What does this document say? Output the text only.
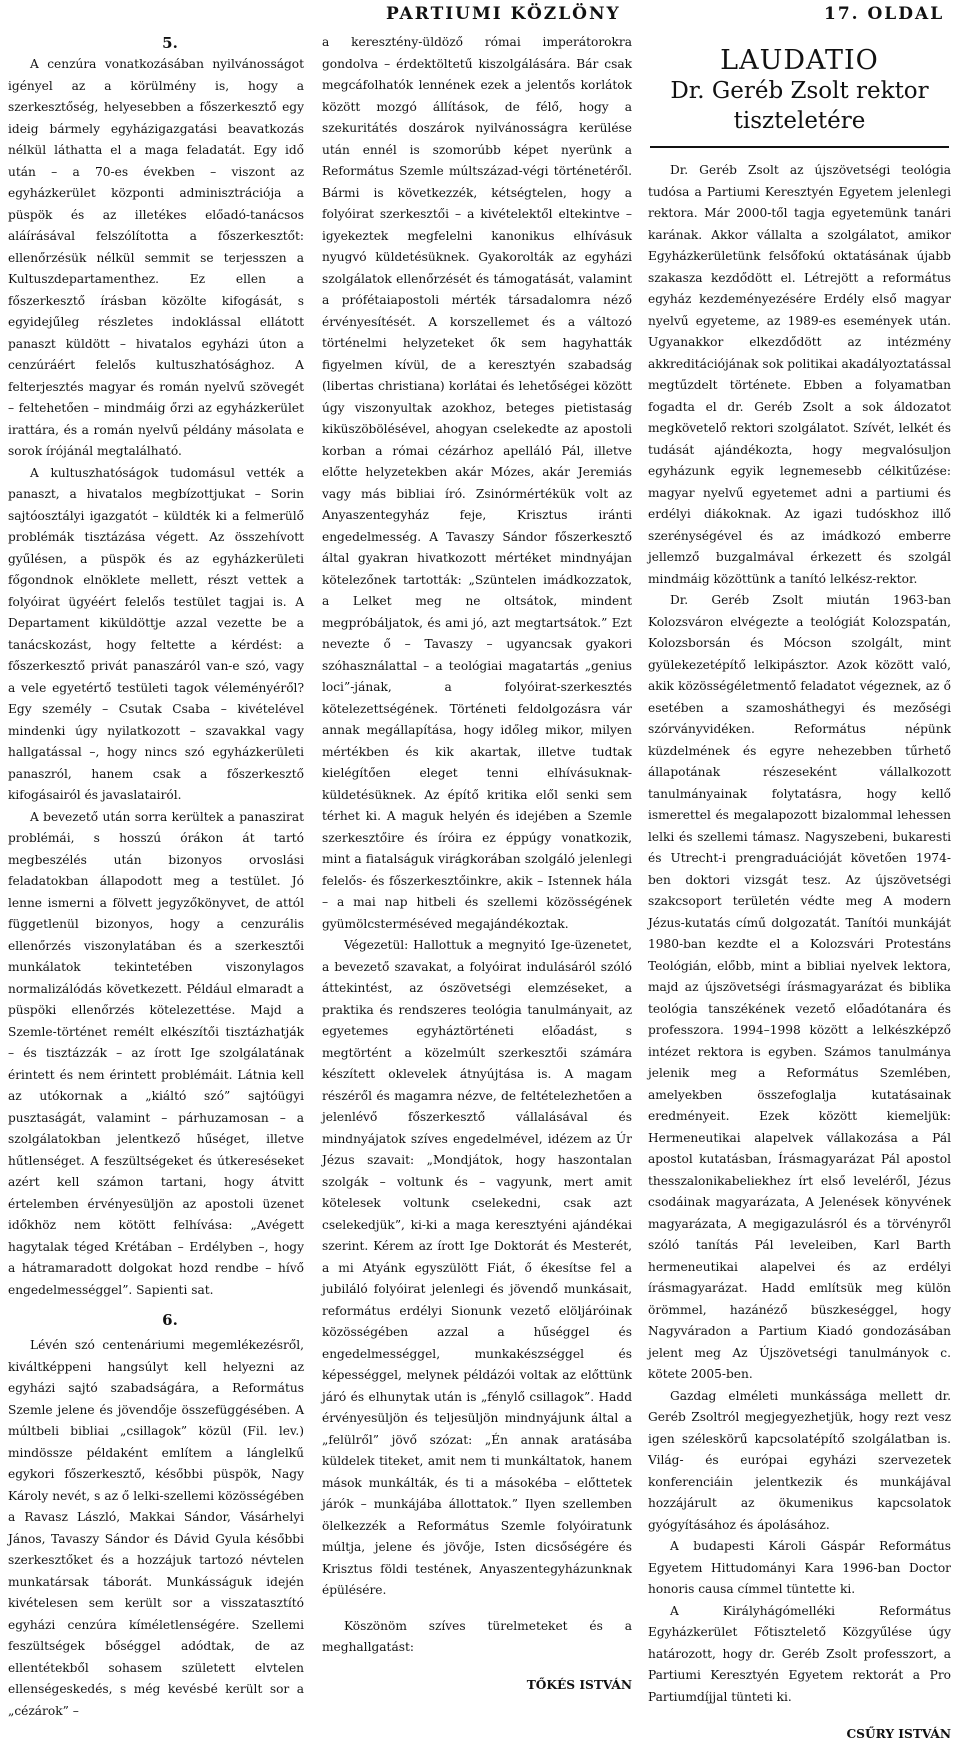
PARTIUMI KÖZLÖNY	17. OLDAL

5.

A cenzúra vonatkozásában nyilvánosságot igényel az a körülmény is, hogy a szerkesztőség, helyesebben a főszerkesztő egy ideig bármely egyházigazgatási beavatkozás nélkül láthatta el a maga feladatát. Egy idő után – a 70-es években – viszont az egyházkerület központi adminisztrációja a püspök és az illetékes előadó-tanácsos aláírásával felszólította a főszerkesztőt: ellenőrzésük nélkül semmit se terjesszen a Kultuszdepartamenthez. Ez ellen a főszerkesztő írásban közölte kifogását, s egyidejűleg részletes indoklással ellátott panaszt küldött – hivatalos egyházi úton a cenzúráért felelős kultuszhatósághoz. A felterjesztés magyar és román nyelvű szövegét – feltehetően – mindmáig őrzi az egyházkerület irattára, és a román nyelvű példány másolata e sorok írójánál megtalálható.

A kultuszhatóságok tudomásul vették a panaszt, a hivatalos megbízottjukat – Sorin sajtóosztályi igazgatót – küldték ki a felmerülő problémák tisztázása végett. Az összehívott gyűlésen, a püspök és az egyházkerületi főgondnok elnöklete mellett, részt vettek a folyóirat ügyéért felelős testület tagjai is. A Departament kiküldöttje azzal vezette be a tanácskozást, hogy feltette a kérdést: a főszerkesztő privát panaszáról van-e szó, vagy a vele egyetértő testületi tagok véleményéről? Egy személy – Csutak Csaba – kivételével mindenki úgy nyilatkozott – szavakkal vagy hallgatással –, hogy nincs szó egyházkerületi panaszról, hanem csak a főszerkesztő kifogásairól és javaslatairól.

A bevezető után sorra kerültek a panaszirat problémái, s hosszú órákon át tartó megbeszélés után bizonyos orvoslási feladatokban állapodott meg a testület. Jó lenne ismerni a fölvett jegyzőkönyvet, de attól függetlenül bizonyos, hogy a cenzurális ellenőrzés viszonylatában és a szerkesztői munkálatok tekintetében viszonylagos normalizálódás következett. Például elmaradt a püspöki ellenőrzés kötelezettése. Majd a Szemle-történet remélt elkészítői tisztázhatják – és tisztázzák – az írott Ige szolgálatának érintett és nem érintett problémáit. Látnia kell az utókornak a „kiáltó szó” sajtóügyi pusztaságát, valamint – párhuzamosan – a szolgálatokban jelentkező hűséget, illetve hűtlenséget. A feszültségeket és útkereséseket azért kell számon tartani, hogy átvitt értelemben érvényesüljön az apostoli üzenet időkhöz nem kötött felhívása: „Avégett hagytalak téged Krétában – Erdélyben –, hogy a hátramaradott dolgokat hozd rendbe – hívő engedelmességgel”. Sapienti sat.

6.

Lévén szó centenáriumi megemlékezésről, kiváltképpeni hangsúlyt kell helyezni az egyházi sajtó szabadságára, a Református Szemle jelene és jövendője összefüggésében. A múltbeli bibliai „csillagok” közül (Fil. lev.) mindössze példaként említem a lánglelkű egykori főszerkesztő, későbbi püspök, Nagy Károly nevét, s az ő lelki-szellemi közösségében a Ravasz László, Makkai Sándor, Vásárhelyi János, Tavaszy Sándor és Dávid Gyula későbbi szerkesztőket és a hozzájuk tartozó névtelen munkatársak táborát. Munkásságuk idején kivételesen sem került sor a visszatasztító egyházi cenzúra kíméletlenségére. Szellemi feszültségek bőséggel adódtak, de az ellentétekből sohasem született elvtelen ellenségeskedés, s még kevésbé került sor a „cézárok” –

a keresztény-üldöző római imperátorokra gondolva – érdektöltetű kiszolgálására. Bár csak megcáfolhatók lennének ezek a jelentős korlátok között mozgó állítások, de félő, hogy a szekuritátés doszárok nyilvánosságra kerülése után ennél is szomorúbb képet nyerünk a Református Szemle múltszázad-végi történetéről. Bármi is következzék, kétségtelen, hogy a folyóirat szerkesztői – a kivételektől eltekintve – igyekeztek megfelelni kanonikus elhívásuk nyugvó küldetésüknek. Gyakorolták az egyházi szolgálatok ellenőrzését és támogatását, valamint a prófétaiapostoli mérték társadalomra néző érvényesítését. A korszellemet és a változó történelmi helyzeteket ők sem hagyhatták figyelmen kívül, de a keresztyén szabadság (libertas christiana) korlátai és lehetőségei között úgy viszonyultak azokhoz, beteges pietistaság kiküszöbölésével, ahogyan cselekedte az apostoli korban a római cézárhoz apelláló Pál, illetve előtte helyzetekben akár Mózes, akár Jeremiás vagy más bibliai író. Zsinórmértékük volt az Anyaszentegyház feje, Krisztus iránti engedelmesség. A Tavaszy Sándor főszerkesztő által gyakran hivatkozott mértéket mindnyájan kötelezőnek tartották: „Szüntelen imádkozzatok, a Lelket meg ne oltsátok, mindent megpróbáljatok, és ami jó, azt megtartsátok.” Ezt nevezte ő – Tavaszy – ugyancsak gyakori szóhasználattal – a teológiai magatartás „genius loci”-jának, a folyóirat-szerkesztés kötelezettségének. Történeti feldolgozásra vár annak megállapítása, hogy időleg mikor, milyen mértékben és kik akartak, illetve tudtak kielégítően eleget tenni elhívásuknak-küldetésüknek. Az építő kritika elől senki sem térhet ki. A maguk helyén és idejében a Szemle szerkesztőire és íróira ez éppúgy vonatkozik, mint a fiatalságuk virágkorában szolgáló jelenlegi felelős- és főszerkesztőinkre, akik – Istennek hála – a mai nap hitbeli és szellemi közösségének gyümölcsterméséved megajándékoztak.

Végezetül: Hallottuk a megnyitó Ige-üzenetet, a bevezető szavakat, a folyóirat indulásáról szóló áttekintést, az ószövetségi elemzéseket, a praktika és rendszeres teológia tanulmányait, az egyetemes egyháztörténeti előadást, s megtörtént a közelmúlt szerkesztői számára készített oklevelek átnyújtása is. A magam részéről és magamra nézve, de feltételezhetően a jelenlévő főszerkesztő vállalásával és mindnyájatok szíves engedelmével, idézem az Úr Jézus szavait: „Mondjátok, hogy haszontalan szolgák – voltunk és – vagyunk, mert amit kötelesek voltunk cselekedni, csak azt cselekedjük”, ki-ki a maga keresztyéni ajándékai szerint. Kérem az írott Ige Doktorát és Mesterét, a mi Atyánk egyszülött Fiát, ő ékesítse fel a jubiláló folyóirat jelenlegi és jövendő munkásait, református erdélyi Sionunk vezető elöljáróinak közösségében azzal a hűséggel és engedelmességgel, munkakészséggel és képességgel, melynek példázói voltak az előttünk járó és elhunytak után is „fénylő csillagok”. Hadd érvényesüljön és teljesüljön mindnyájunk által a „felülről” jövő szózat: „Én annak aratásába küldelek titeket, amit nem ti munkáltatok, hanem mások munkálták, és ti a másokéba – előttetek járók – munkájába állottatok.” Ilyen szellemben ölelkezzék a Református Szemle folyóiratunk múltja, jelene és jövője, Isten dicsőségére és Krisztus földi testének, Anyaszentegyházunknak épülésére.

Köszönöm szíves türelmeteket és a meghallgatást:

TŐKÉS ISTVÁN

LAUDATIO
Dr. Geréb Zsolt rektor
tiszteletére

Dr. Geréb Zsolt az újszövetségi teológia tudósa a Partiumi Keresztyén Egyetem jelenlegi rektora. Már 2000-től tagja egyetemünk tanári karának. Akkor vállalta a szolgálatot, amikor Egyházkerületünk felsőfokú oktatásának újabb szakasza kezdődött el. Létrejött a református egyház kezdeményezésére Erdély első magyar nyelvű egyeteme, az 1989-es események után. Ugyanakkor elkezdődött az intézmény akkreditációjának sok politikai akadályoztatással megtűzdelt története. Ebben a folyamatban fogadta el dr. Geréb Zsolt a sok áldozatot megkövetelő rektori szolgálatot. Szívét, lelkét és tudását ajándékozta, hogy megvalósuljon egyházunk egyik legnemesebb célkitűzése: magyar nyelvű egyetemet adni a partiumi és erdélyi diákoknak. Az igazi tudóskhoz illő szerénységével és az imádkozó emberre jellemző buzgalmával érkezett és szolgál mindmáig közöttünk a tanító lelkész-rektor.

Dr. Geréb Zsolt miután 1963-ban Kolozsváron elvégezte a teológiát Kolozspatán, Kolozsborsán és Mócson szolgált, mint gyülekezetépítő lelkipásztor. Azok között való, akik közösségéletmentő feladatot végeznek, az ő esetében a szamosháthegyi és mezőségi szórványvidéken. Református népünk küzdelmének és egyre nehezebben tűrhető állapotának részeseként vállalkozott tanulmányainak folytatásra, hogy kellő ismerettel és megalapozott bizalommal lehessen lelki és szellemi támasz. Nagyszebeni, bukaresti és Utrecht-i prengraduációját követően 1974-ben doktori vizsgát tesz. Az újszövetségi szakcsoport területén védte meg A modern Jézus-kutatás című dolgozatát. Tanítói munkáját 1980-ban kezdte el a Kolozsvári Protestáns Teológián, előbb, mint a bibliai nyelvek lektora, majd az újszövetségi írásmagyarázat és biblika teológia tanszékének vezető előadótanára és professzora. 1994–1998 között a lelkészképző intézet rektora is egyben. Számos tanulmánya jelenik meg a Református Szemlében, amelyekben összefoglalja kutatásainak eredményeit. Ezek között kiemeljük: Hermeneutikai alapelvek vállakozása a Pál apostol kutatásban, Írásmagyarázat Pál apostol thesszalonikabeliekhez írt első leveléről, Jézus csodáinak magyarázata, A Jelenések könyvének magyarázata, A megigazulásról és a törvényről szóló tanítás Pál leveleiben, Karl Barth hermeneutikai alapelvei és az erdélyi írásmagyarázat. Hadd említsük meg külön örömmel, hazánéző büszkeséggel, hogy Nagyváradon a Partium Kiadó gondozásában jelent meg Az Újszövetségi tanulmányok c. kötete 2005-ben.

Gazdag elméleti munkássága mellett dr. Geréb Zsoltról megjegyezhetjük, hogy rezt vesz igen széleskörű kapcsolatépítő szolgálatban is. Világ- és európai egyházi szervezetek konferenciáin jelentkezik és munkájával hozzájárult az ökumenikus kapcsolatok gyógyításához és ápolásához.

A budapesti Károli Gáspár Református Egyetem Hittudományi Kara 1996-ban Doctor honoris causa címmel tüntette ki.

A Királyhágómelléki Református Egyházkerület Főtisztelető Közgyűlése úgy határozott, hogy dr. Geréb Zsolt professzort, a Partiumi Keresztyén Egyetem rektorát a Pro Partiumdíjjal tünteti ki.

CSŰRY ISTVÁN
